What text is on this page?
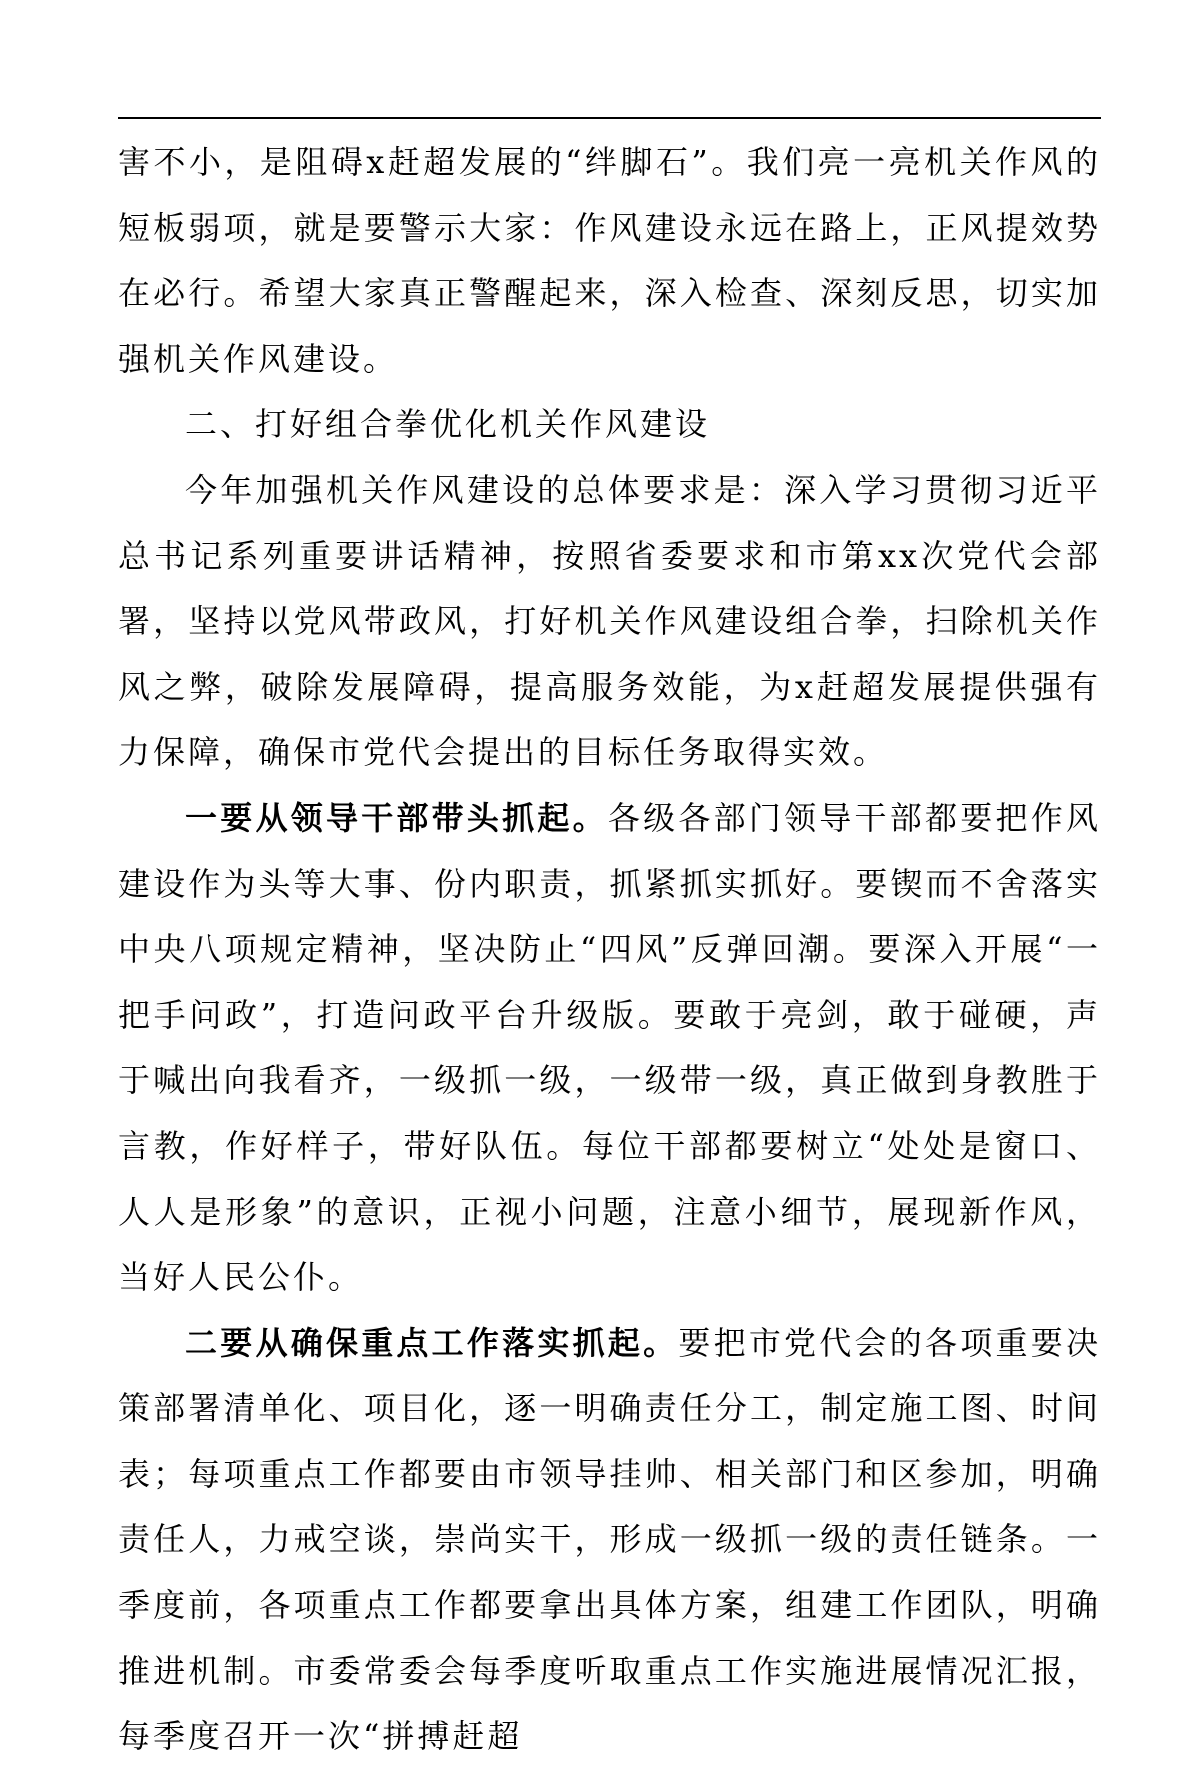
害不小，是阻碍x赶超发展的“绊脚石”。我们亮一亮机关作风的短板弱项，就是要警示大家：作风建设永远在路上，正风提效势在必行。希望大家真正警醒起来，深入检查、深刻反思，切实加强机关作风建设。

二、打好组合拳优化机关作风建设

今年加强机关作风建设的总体要求是：深入学习贯彻习近平总书记系列重要讲话精神，按照省委要求和市第xx次党代会部署，坚持以党风带政风，打好机关作风建设组合拳，扫除机关作风之弊，破除发展障碍，提高服务效能，为x赶超发展提供强有力保障，确保市党代会提出的目标任务取得实效。

一要从领导干部带头抓起。各级各部门领导干部都要把作风建设作为头等大事、份内职责，抓紧抓实抓好。要锲而不舍落实中央八项规定精神，坚决防止“四风”反弹回潮。要深入开展“一把手问政”，打造问政平台升级版。要敢于亮剑，敢于碰硬，声于喊出向我看齐，一级抓一级，一级带一级，真正做到身教胜于言教，作好样子，带好队伍。每位干部都要树立“处处是窗口、人人是形象”的意识，正视小问题，注意小细节，展现新作风，当好人民公仆。

二要从确保重点工作落实抓起。要把市党代会的各项重要决策部署清单化、项目化，逐一明确责任分工，制定施工图、时间表；每项重点工作都要由市领导挂帅、相关部门和区参加，明确责任人，力戒空谈，崇尚实干，形成一级抓一级的责任链条。一季度前，各项重点工作都要拿出具体方案，组建工作团队，明确推进机制。市委常委会每季度听取重点工作实施进展情况汇报，每季度召开一次“拼搏赶超
